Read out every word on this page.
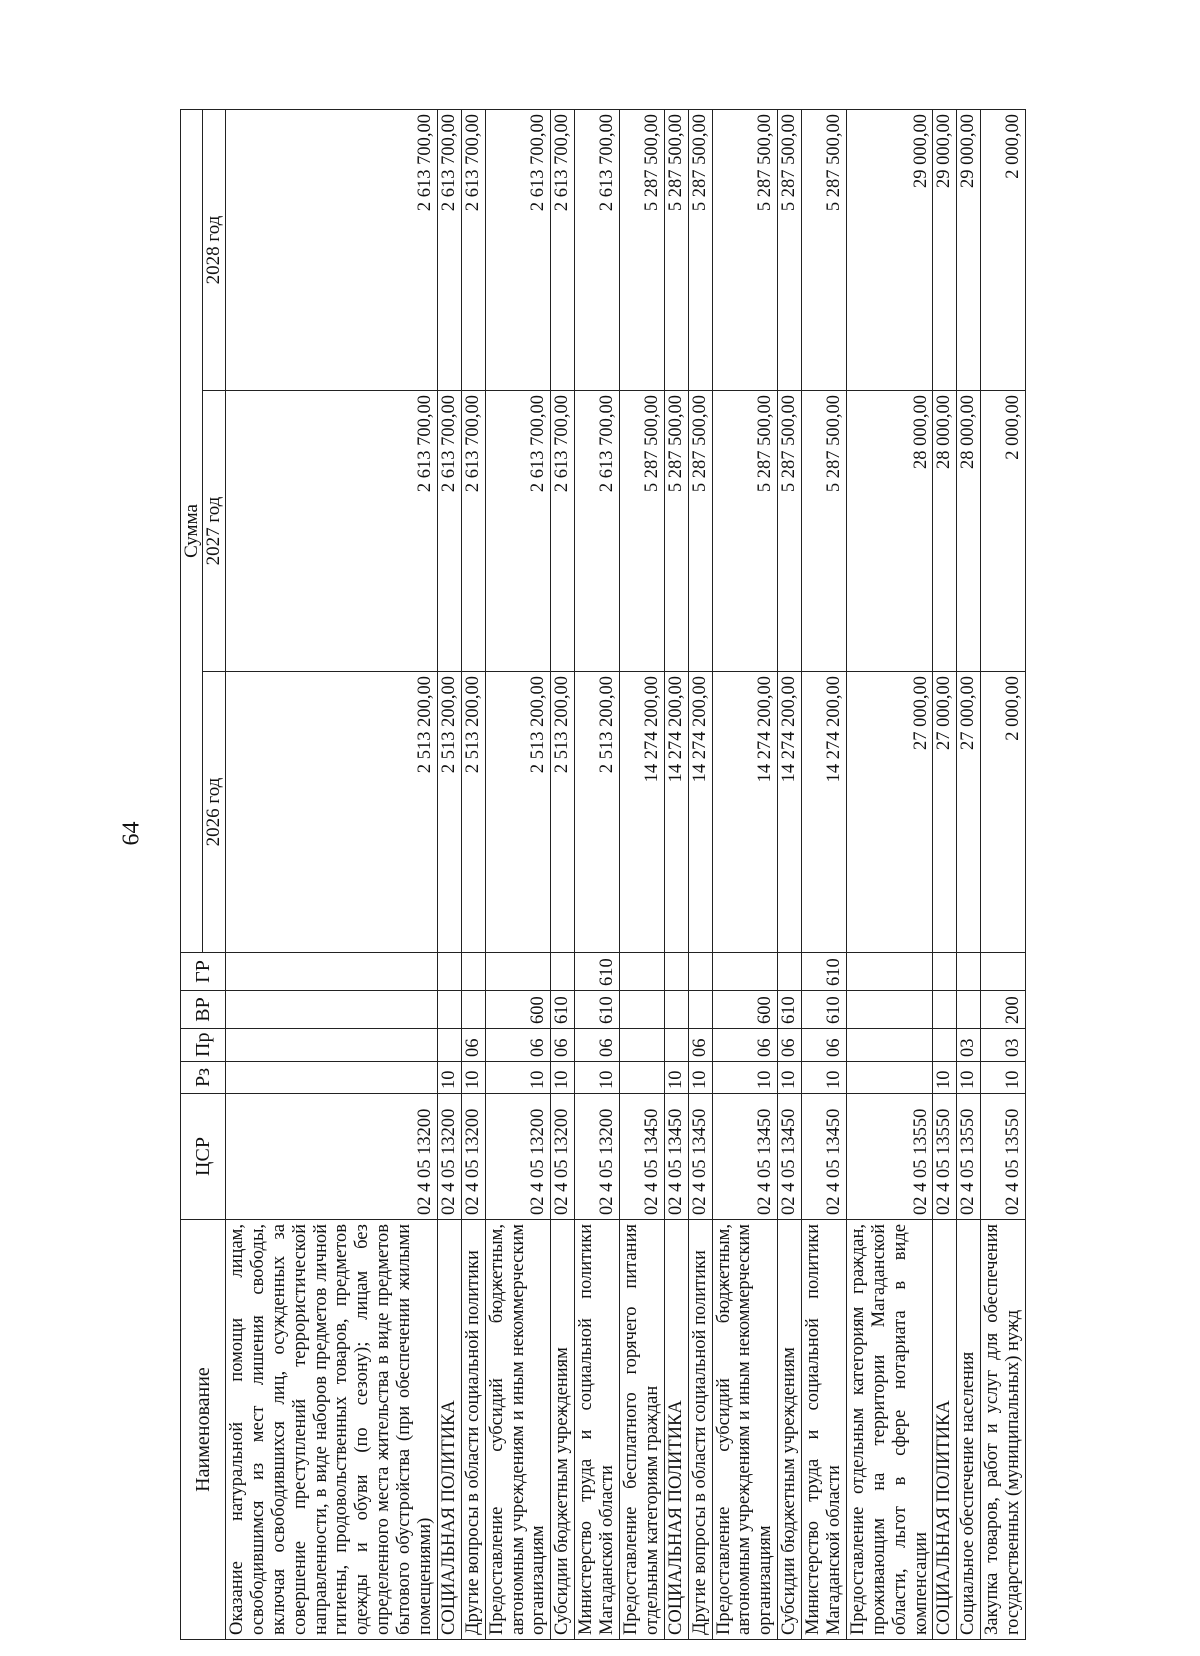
64
Наименование	ЦСР	Рз	Пр	ВР	ГР	Сумма		
						2026 год	2027 год	2028 год
Оказание натуральной помощи лицам, освободившимся из мест лишения свободы, включая освободившихся лиц, осужденных за совершение преступлений террористической направленности, в виде наборов предметов личной гигиены, продовольственных товаров, предметов одежды и обуви (по сезону); лицам без определенного места жительства в виде предметов бытового обустройства (при обеспечении жилыми помещениями)	02 4 05 13200					2 513 200,00	2 613 700,00	2 613 700,00
СОЦИАЛЬНАЯ ПОЛИТИКА	02 4 05 13200	10				2 513 200,00	2 613 700,00	2 613 700,00
Другие вопросы в области социальной политики	02 4 05 13200	10	06			2 513 200,00	2 613 700,00	2 613 700,00
Предоставление субсидий бюджетным, автономным учреждениям и иным некоммерческим организациям	02 4 05 13200	10	06	600		2 513 200,00	2 613 700,00	2 613 700,00
Субсидии бюджетным учреждениям	02 4 05 13200	10	06	610		2 513 200,00	2 613 700,00	2 613 700,00
Министерство труда и социальной политики Магаданской области	02 4 05 13200	10	06	610	610	2 513 200,00	2 613 700,00	2 613 700,00
Предоставление бесплатного горячего питания отдельным категориям граждан	02 4 05 13450					14 274 200,00	5 287 500,00	5 287 500,00
СОЦИАЛЬНАЯ ПОЛИТИКА	02 4 05 13450	10				14 274 200,00	5 287 500,00	5 287 500,00
Другие вопросы в области социальной политики	02 4 05 13450	10	06			14 274 200,00	5 287 500,00	5 287 500,00
Предоставление субсидий бюджетным, автономным учреждениям и иным некоммерческим организациям	02 4 05 13450	10	06	600		14 274 200,00	5 287 500,00	5 287 500,00
Субсидии бюджетным учреждениям	02 4 05 13450	10	06	610		14 274 200,00	5 287 500,00	5 287 500,00
Министерство труда и социальной политики Магаданской области	02 4 05 13450	10	06	610	610	14 274 200,00	5 287 500,00	5 287 500,00
Предоставление отдельным категориям граждан, проживающим на территории Магаданской области, льгот в сфере нотариата в виде компенсации	02 4 05 13550					27 000,00	28 000,00	29 000,00
СОЦИАЛЬНАЯ ПОЛИТИКА	02 4 05 13550	10				27 000,00	28 000,00	29 000,00
Социальное обеспечение населения	02 4 05 13550	10	03			27 000,00	28 000,00	29 000,00
Закупка товаров, работ и услуг для обеспечения государственных (муниципальных) нужд	02 4 05 13550	10	03	200		2 000,00	2 000,00	2 000,00
